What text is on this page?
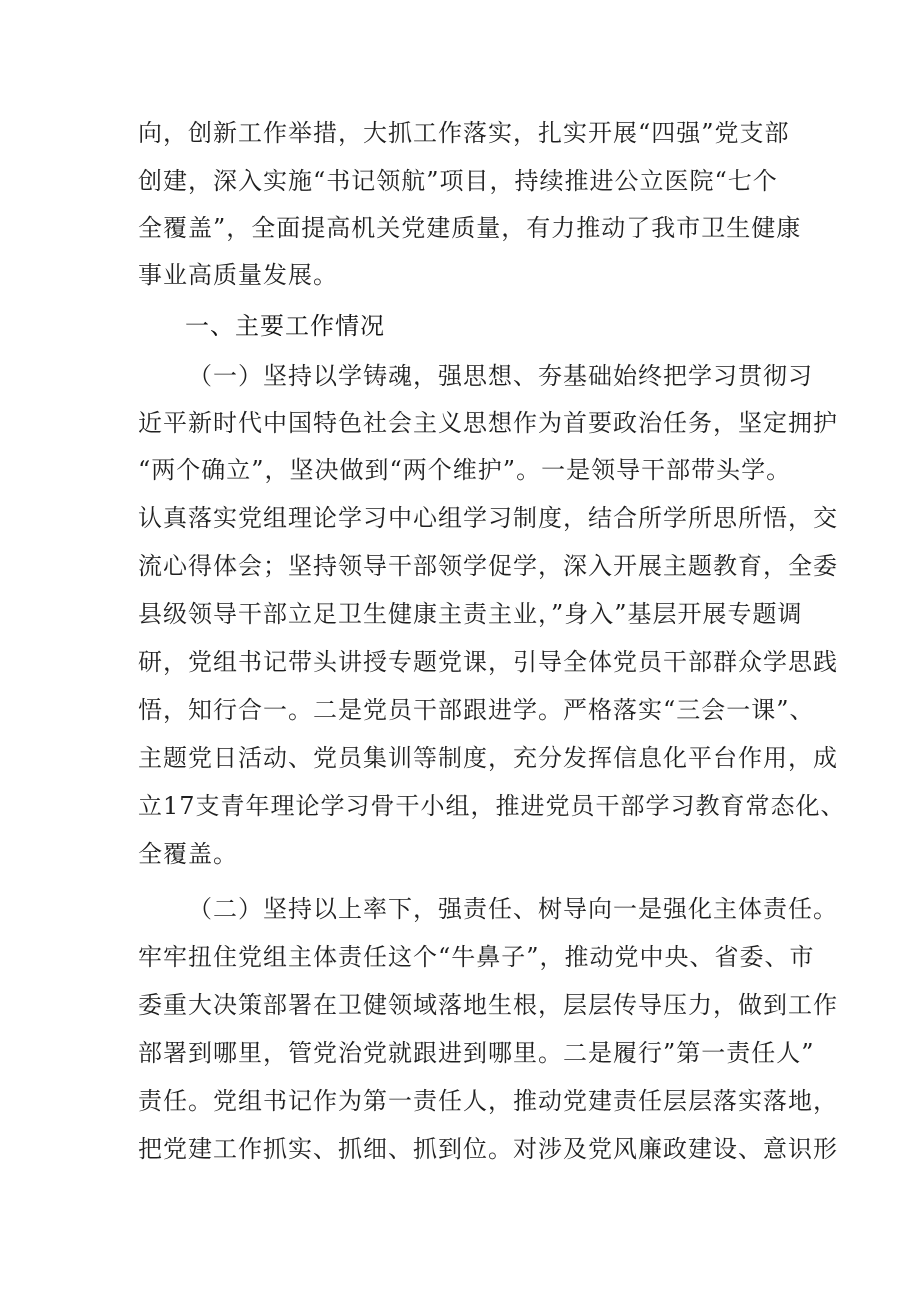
向，创新工作举措，大抓工作落实，扎实开展“四强”党支部
创建，深入实施“书记领航”项目，持续推进公立医院“七个
全覆盖”，全面提高机关党建质量，有力推动了我市卫生健康
事业高质量发展。
一、主要工作情况
（一）坚持以学铸魂，强思想、夯基础始终把学习贯彻习
近平新时代中国特色社会主义思想作为首要政治任务，坚定拥护
“两个确立”，坚决做到“两个维护”。一是领导干部带头学。
认真落实党组理论学习中心组学习制度，结合所学所思所悟，交
流心得体会；坚持领导干部领学促学，深入开展主题教育，全委
县级领导干部立足卫生健康主责主业，”身入”基层开展专题调
研，党组书记带头讲授专题党课，引导全体党员干部群众学思践
悟，知行合一。二是党员干部跟进学。严格落实“三会一课”、
主题党日活动、党员集训等制度，充分发挥信息化平台作用，成
立17支青年理论学习骨干小组，推进党员干部学习教育常态化、
全覆盖。
（二）坚持以上率下，强责任、树导向一是强化主体责任。
牢牢扭住党组主体责任这个“牛鼻子”，推动党中央、省委、市
委重大决策部署在卫健领域落地生根，层层传导压力，做到工作
部署到哪里，管党治党就跟进到哪里。二是履行”第一责任人”
责任。党组书记作为第一责任人，推动党建责任层层落实落地，
把党建工作抓实、抓细、抓到位。对涉及党风廉政建设、意识形
